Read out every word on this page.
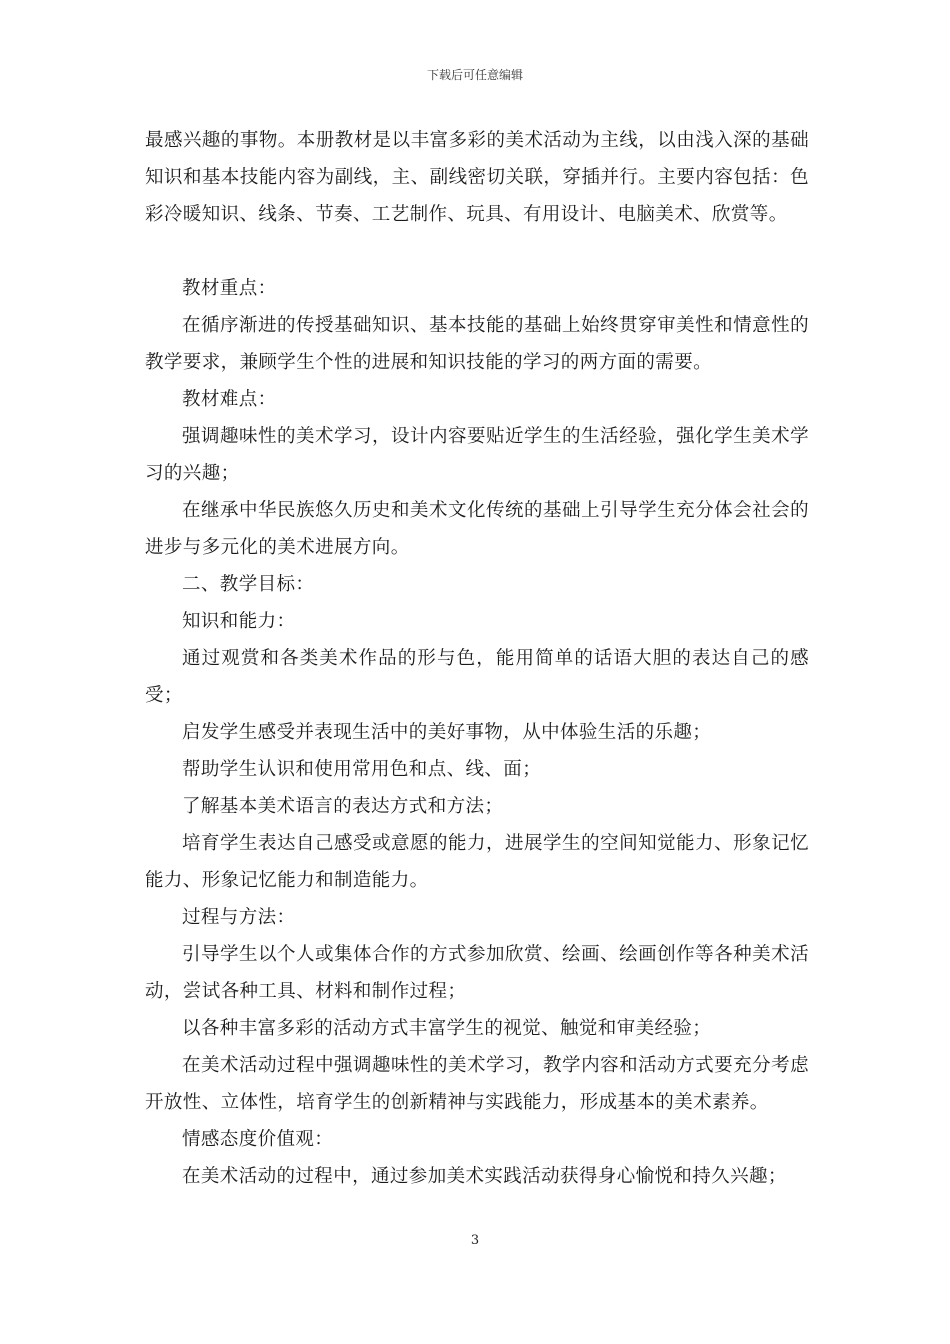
下载后可任意编辑

最感兴趣的事物。本册教材是以丰富多彩的美术活动为主线，以由浅入深的基础知识和基本技能内容为副线，主、副线密切关联，穿插并行。主要内容包括：色彩冷暖知识、线条、节奏、工艺制作、玩具、有用设计、电脑美术、欣赏等。

教材重点：

在循序渐进的传授基础知识、基本技能的基础上始终贯穿审美性和情意性的教学要求，兼顾学生个性的进展和知识技能的学习的两方面的需要。

教材难点：

强调趣味性的美术学习，设计内容要贴近学生的生活经验，强化学生美术学习的兴趣；

在继承中华民族悠久历史和美术文化传统的基础上引导学生充分体会社会的进步与多元化的美术进展方向。

二、教学目标：

知识和能力：

通过观赏和各类美术作品的形与色，能用简单的话语大胆的表达自己的感受；

启发学生感受并表现生活中的美好事物，从中体验生活的乐趣；

帮助学生认识和使用常用色和点、线、面；

了解基本美术语言的表达方式和方法；

培育学生表达自己感受或意愿的能力，进展学生的空间知觉能力、形象记忆能力、形象记忆能力和制造能力。

过程与方法：

引导学生以个人或集体合作的方式参加欣赏、绘画、绘画创作等各种美术活动，尝试各种工具、材料和制作过程；

以各种丰富多彩的活动方式丰富学生的视觉、触觉和审美经验；

在美术活动过程中强调趣味性的美术学习，教学内容和活动方式要充分考虑开放性、立体性，培育学生的创新精神与实践能力，形成基本的美术素养。

情感态度价值观：

在美术活动的过程中，通过参加美术实践活动获得身心愉悦和持久兴趣；

3
